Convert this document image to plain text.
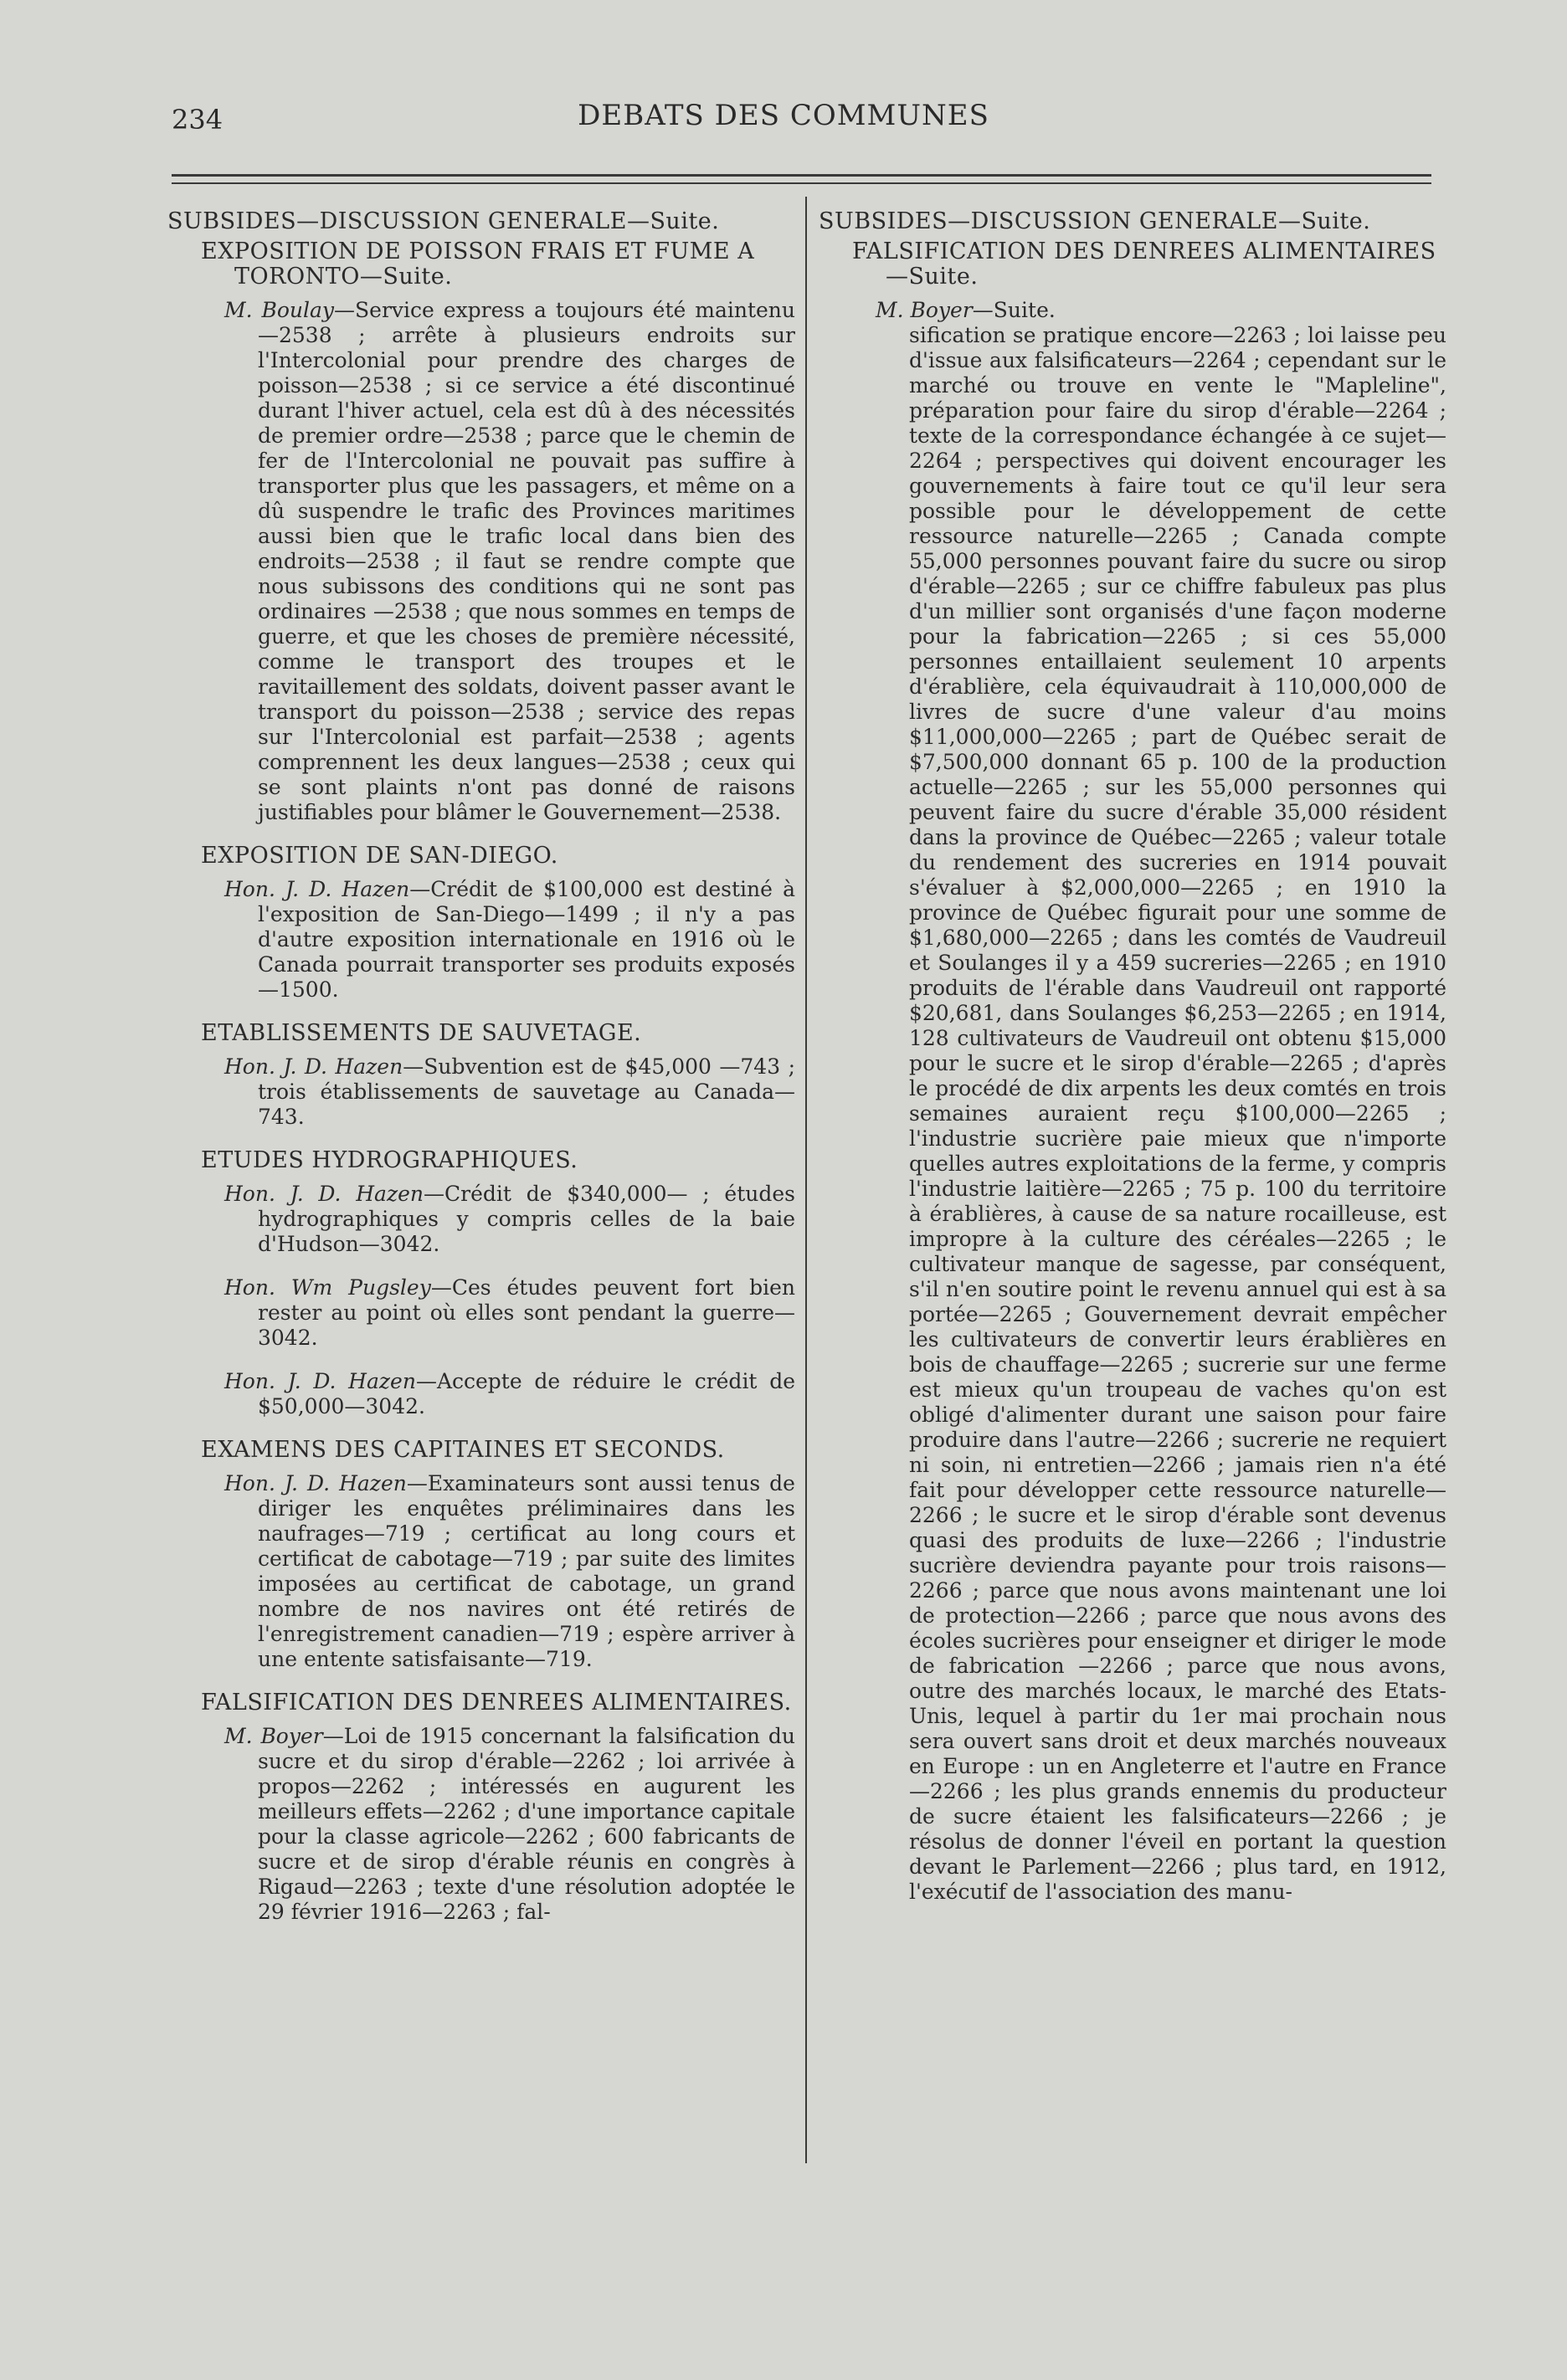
234	DEBATS DES COMMUNES
SUBSIDES—DISCUSSION GENERALE—Suite.
EXPOSITION DE POISSON FRAIS ET FUME A TORONTO—Suite.
M. Boulay—Service express a toujours été maintenu—2538 ; arrête à plusieurs endroits sur l'Intercolonial pour prendre des charges de poisson—2538 ; si ce service a été discontinué durant l'hiver actuel, cela est dû à des nécessités de premier ordre—2538 ; parce que le chemin de fer de l'Intercolonial ne pouvait pas suffire à transporter plus que les passagers, et même on a dû suspendre le trafic des Provinces maritimes aussi bien que le trafic local dans bien des endroits—2538 ; il faut se rendre compte que nous subissons des conditions qui ne sont pas ordinaires —2538 ; que nous sommes en temps de guerre, et que les choses de première nécessité, comme le transport des troupes et le ravitaillement des soldats, doivent passer avant le transport du poisson—2538 ; service des repas sur l'Intercolonial est parfait—2538 ; agents comprennent les deux langues—2538 ; ceux qui se sont plaints n'ont pas donné de raisons justifiables pour blâmer le Gouvernement—2538.
EXPOSITION DE SAN-DIEGO.
Hon. J. D. Hazen—Crédit de $100,000 est destiné à l'exposition de San-Diego—1499 ; il n'y a pas d'autre exposition internationale en 1916 où le Canada pourrait transporter ses produits exposés—1500.
ETABLISSEMENTS DE SAUVETAGE.
Hon. J. D. Hazen—Subvention est de $45,000 —743 ; trois établissements de sauvetage au Canada—743.
ETUDES HYDROGRAPHIQUES.
Hon. J. D. Hazen—Crédit de $340,000— ; études hydrographiques y compris celles de la baie d'Hudson—3042.
Hon. Wm Pugsley—Ces études peuvent fort bien rester au point où elles sont pendant la guerre—3042.
Hon. J. D. Hazen—Accepte de réduire le crédit de $50,000—3042.
EXAMENS DES CAPITAINES ET SECONDS.
Hon. J. D. Hazen—Examinateurs sont aussi tenus de diriger les enquêtes préliminaires dans les naufrages—719 ; certificat au long cours et certificat de cabotage—719 ; par suite des limites imposées au certificat de cabotage, un grand nombre de nos navires ont été retirés de l'enregistrement canadien—719 ; espère arriver à une entente satisfaisante—719.
FALSIFICATION DES DENREES ALIMENTAIRES.
M. Boyer—Loi de 1915 concernant la falsification du sucre et du sirop d'érable—2262 ; loi arrivée à propos—2262 ; intéressés en augurent les meilleurs effets—2262 ; d'une importance capitale pour la classe agricole—2262 ; 600 fabricants de sucre et de sirop d'érable réunis en congrès à Rigaud—2263 ; texte d'une résolution adoptée le 29 février 1916—2263 ; fal-
SUBSIDES—DISCUSSION GENERALE—Suite.
FALSIFICATION DES DENREES ALIMENTAIRES—Suite.
M. Boyer—Suite.
sification se pratique encore—2263 ; loi laisse peu d'issue aux falsificateurs—2264 ; cependant sur le marché ou trouve en vente le "Mapleline", préparation pour faire du sirop d'érable—2264 ; texte de la correspondance échangée à ce sujet—2264 ; perspectives qui doivent encourager les gouvernements à faire tout ce qu'il leur sera possible pour le développement de cette ressource naturelle—2265 ; Canada compte 55,000 personnes pouvant faire du sucre ou sirop d'érable—2265 ; sur ce chiffre fabuleux pas plus d'un millier sont organisés d'une façon moderne pour la fabrication—2265 ; si ces 55,000 personnes entaillaient seulement 10 arpents d'érablière, cela équivaudrait à 110,000,000 de livres de sucre d'une valeur d'au moins $11,000,000—2265 ; part de Québec serait de $7,500,000 donnant 65 p. 100 de la production actuelle—2265 ; sur les 55,000 personnes qui peuvent faire du sucre d'érable 35,000 résident dans la province de Québec—2265 ; valeur totale du rendement des sucreries en 1914 pouvait s'évaluer à $2,000,000—2265 ; en 1910 la province de Québec figurait pour une somme de $1,680,000—2265 ; dans les comtés de Vaudreuil et Soulanges il y a 459 sucreries—2265 ; en 1910 produits de l'érable dans Vaudreuil ont rapporté $20,681, dans Soulanges $6,253—2265 ; en 1914, 128 cultivateurs de Vaudreuil ont obtenu $15,000 pour le sucre et le sirop d'érable—2265 ; d'après le procédé de dix arpents les deux comtés en trois semaines auraient reçu $100,000—2265 ; l'industrie sucrière paie mieux que n'importe quelles autres exploitations de la ferme, y compris l'industrie laitière—2265 ; 75 p. 100 du territoire à érablières, à cause de sa nature rocailleuse, est impropre à la culture des céréales—2265 ; le cultivateur manque de sagesse, par conséquent, s'il n'en soutire point le revenu annuel qui est à sa portée—2265 ; Gouvernement devrait empêcher les cultivateurs de convertir leurs érablières en bois de chauffage—2265 ; sucrerie sur une ferme est mieux qu'un troupeau de vaches qu'on est obligé d'alimenter durant une saison pour faire produire dans l'autre—2266 ; sucrerie ne requiert ni soin, ni entretien—2266 ; jamais rien n'a été fait pour développer cette ressource naturelle—2266 ; le sucre et le sirop d'érable sont devenus quasi des produits de luxe—2266 ; l'industrie sucrière deviendra payante pour trois raisons—2266 ; parce que nous avons maintenant une loi de protection—2266 ; parce que nous avons des écoles sucrières pour enseigner et diriger le mode de fabrication —2266 ; parce que nous avons, outre des marchés locaux, le marché des Etats-Unis, lequel à partir du 1er mai prochain nous sera ouvert sans droit et deux marchés nouveaux en Europe : un en Angleterre et l'autre en France—2266 ; les plus grands ennemis du producteur de sucre étaient les falsificateurs—2266 ; je résolus de donner l'éveil en portant la question devant le Parlement—2266 ; plus tard, en 1912, l'exécutif de l'association des manu-
